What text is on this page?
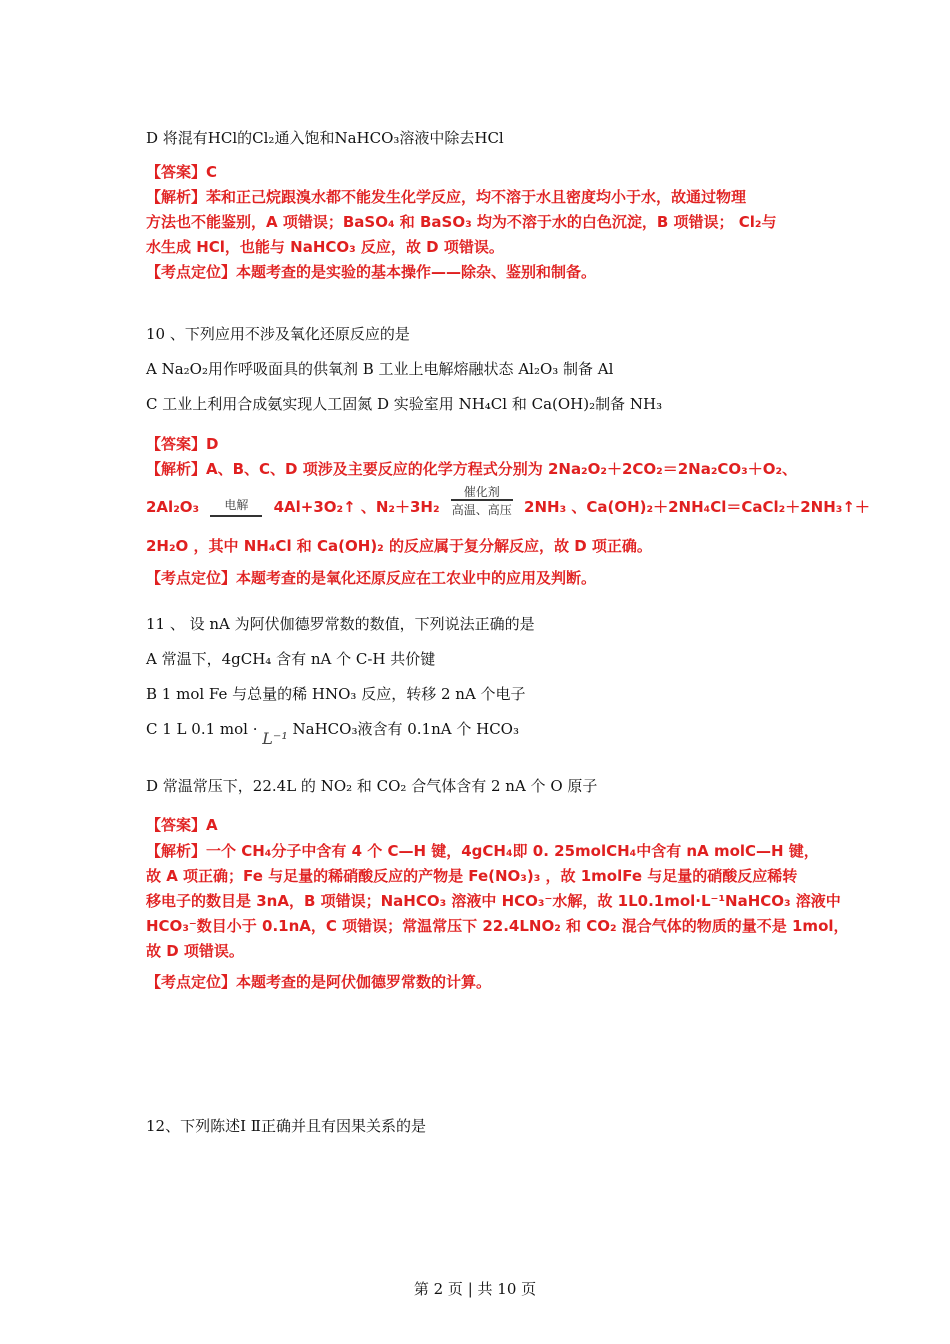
D 将混有HCl的Cl₂通入饱和NaHCO₃溶液中除去HCl
【答案】C
【解析】苯和正己烷跟溴水都不能发生化学反应，均不溶于水且密度均小于水，故通过物理
方法也不能鉴别，A 项错误；BaSO₄ 和 BaSO₃ 均为不溶于水的白色沉淀，B 项错误； Cl₂与
水生成 HCl，也能与 NaHCO₃ 反应，故 D 项错误。
【考点定位】本题考查的是实验的基本操作——除杂、鉴别和制备。
10 、下列应用不涉及氧化还原反应的是
A Na₂O₂用作呼吸面具的供氧剂 B 工业上电解熔融状态 Al₂O₃ 制备 Al
C 工业上利用合成氨实现人工固氮 D 实验室用 NH₄Cl 和 Ca(OH)₂制备 NH₃
【答案】D
【解析】A、B、C、D 项涉及主要反应的化学方程式分别为 2Na₂O₂＋2CO₂＝2Na₂CO₃＋O₂、
2Al₂O₃	电解	4Al+3O₂↑ 、N₂＋3H₂
催化剂
高温、高压 2NH₃ 、Ca(OH)₂＋2NH₄Cl＝CaCl₂＋2NH₃↑＋
2H₂O ，其中 NH₄Cl 和 Ca(OH)₂ 的反应属于复分解反应，故 D 项正确。
【考点定位】本题考查的是氧化还原反应在工农业中的应用及判断。
11 、 设 nA 为阿伏伽德罗常数的数值，下列说法正确的是
A 常温下，4gCH₄ 含有 nA 个 C-H 共价键
B 1 mol Fe 与总量的稀 HNO₃ 反应，转移 2 nA 个电子
C 1 L 0.1 mol · L⁻¹ NaHCO₃液含有 0.1nA 个 HCO₃
D 常温常压下，22.4L 的 NO₂ 和 CO₂ 合气体含有 2 nA 个 O 原子
【答案】A
【解析】一个 CH₄分子中含有 4 个 C—H 键，4gCH₄即 0. 25molCH₄中含有 nA molC—H 键，
故 A 项正确；Fe 与足量的稀硝酸反应的产物是 Fe(NO₃)₃ ，故 1molFe 与足量的硝酸反应稀转
移电子的数目是 3nA，B 项错误；NaHCO₃ 溶液中 HCO₃⁻水解，故 1L0.1mol·L⁻¹NaHCO₃ 溶液中
HCO₃⁻数目小于 0.1nA，C 项错误；常温常压下 22.4LNO₂ 和 CO₂ 混合气体的物质的量不是 1mol，
故 D 项错误。
【考点定位】本题考查的是阿伏伽德罗常数的计算。
12、下列陈述Ⅰ Ⅱ正确并且有因果关系的是
第 2 页 | 共 10 页
